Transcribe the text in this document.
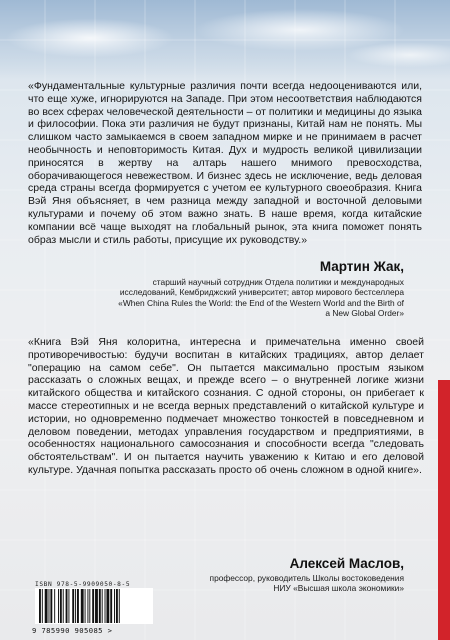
«Фундаментальные культурные различия почти всегда недооцениваются или, что еще хуже, игнорируются на Западе. При этом несоответствия наблюдаются во всех сферах человеческой деятельности – от политики и медицины до языка и философии. Пока эти различия не будут признаны, Китай нам не понять. Мы слишком часто замыкаемся в своем западном мирке и не принимаем в расчет необычность и неповторимость Китая. Дух и мудрость великой цивилизации приносятся в жертву на алтарь нашего мнимого превосходства, оборачивающегося невежеством. И бизнес здесь не исключение, ведь деловая среда страны всегда формируется с учетом ее культурного своеобразия. Книга Вэй Яня объясняет, в чем разница между западной и восточной деловыми культурами и почему об этом важно знать. В наше время, когда китайские компании всё чаще выходят на глобальный рынок, эта книга поможет понять образ мысли и стиль работы, присущие их руководству.»

Мартин Жак,
старший научный сотрудник Отдела политики и международных
исследований, Кембриджский университет; автор мирового бестселлера
«When China Rules the World: the End of the Western World and the Birth of
a New Global Order»

«Книга Вэй Яня колоритна, интересна и примечательна именно своей противоречивостью: будучи воспитан в китайских традициях, автор делает "операцию на самом себе". Он пытается максимально простым языком рассказать о сложных вещах, и прежде всего – о внутренней логике жизни китайского общества и китайского сознания. С одной стороны, он прибегает к массе стереотипных и не всегда верных представлений о китайской культуре и истории, но одновременно подмечает множество тонкостей в повседневном и деловом поведении, методах управления государством и предприятиями, в особенностях национального самосознания и способности всегда "следовать обстоятельствам". И он пытается научить уважению к Китаю и его деловой культуре. Удачная попытка рассказать просто об очень сложном в одной книге».

Алексей Маслов,
профессор, руководитель Школы востоковедения
НИУ «Высшая школа экономики»
ISBN 978-5-9909050-8-5
9 785990 905085 >
